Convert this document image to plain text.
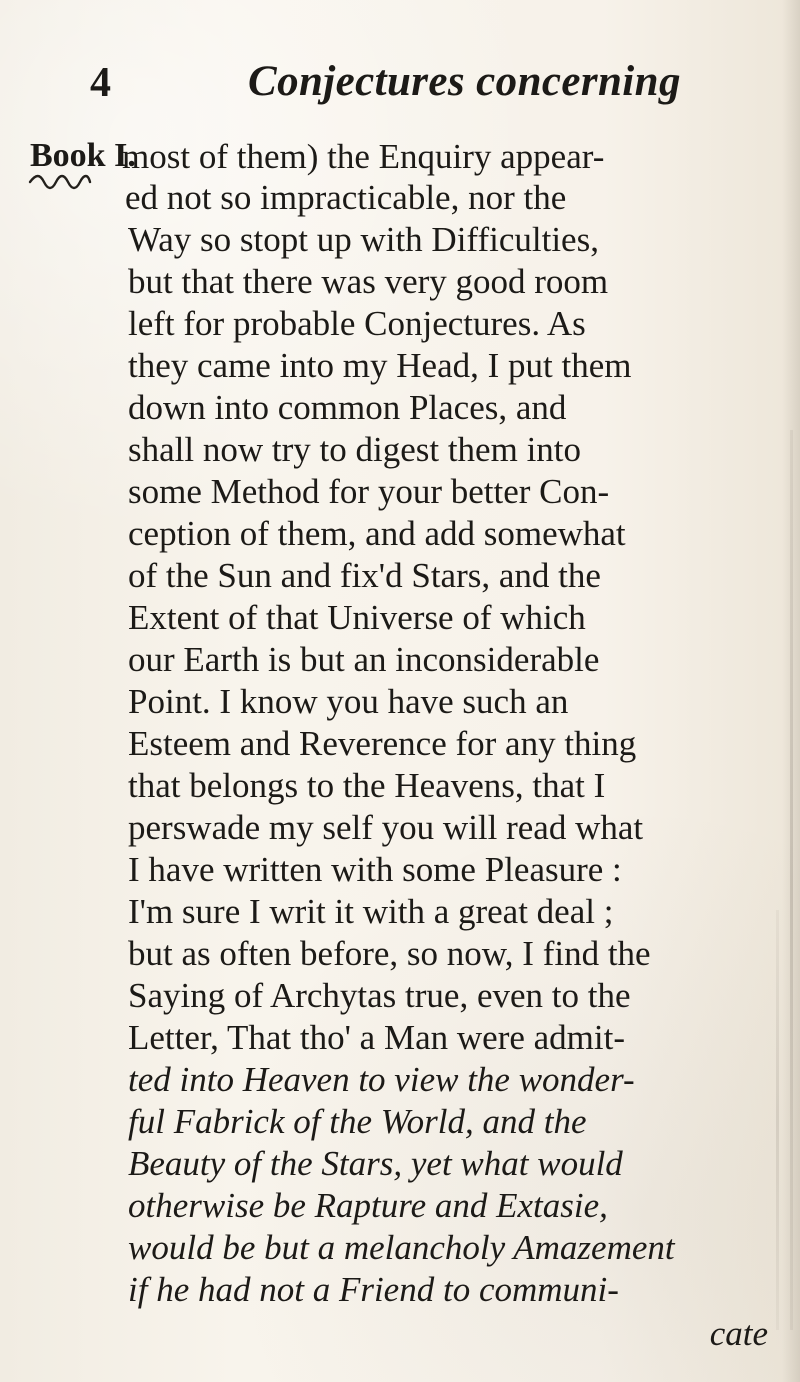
4	Conjectures concerning
Book I.
most of them) the Enquiry appear-
ed not so impracticable, nor the
Way so stopt up with Difficulties,
but that there was very good room
left for probable Conjectures. As
they came into my Head, I put them
down into common Places, and
shall now try to digest them into
some Method for your better Con-
ception of them, and add somewhat
of the Sun and fix'd Stars, and the
Extent of that Universe of which
our Earth is but an inconsiderable
Point. I know you have such an
Esteem and Reverence for any thing
that belongs to the Heavens, that I
perswade my self you will read what
I have written with some Pleasure :
I'm sure I writ it with a great deal ;
but as often before, so now, I find the
Saying of Archytas true, even to the
Letter, That tho' a Man were admit-
ted into Heaven to view the wonder-
ful Fabrick of the World, and the
Beauty of the Stars, yet what would
otherwise be Rapture and Extasie,
would be but a melancholy Amazement
if he had not a Friend to communi-
cate
